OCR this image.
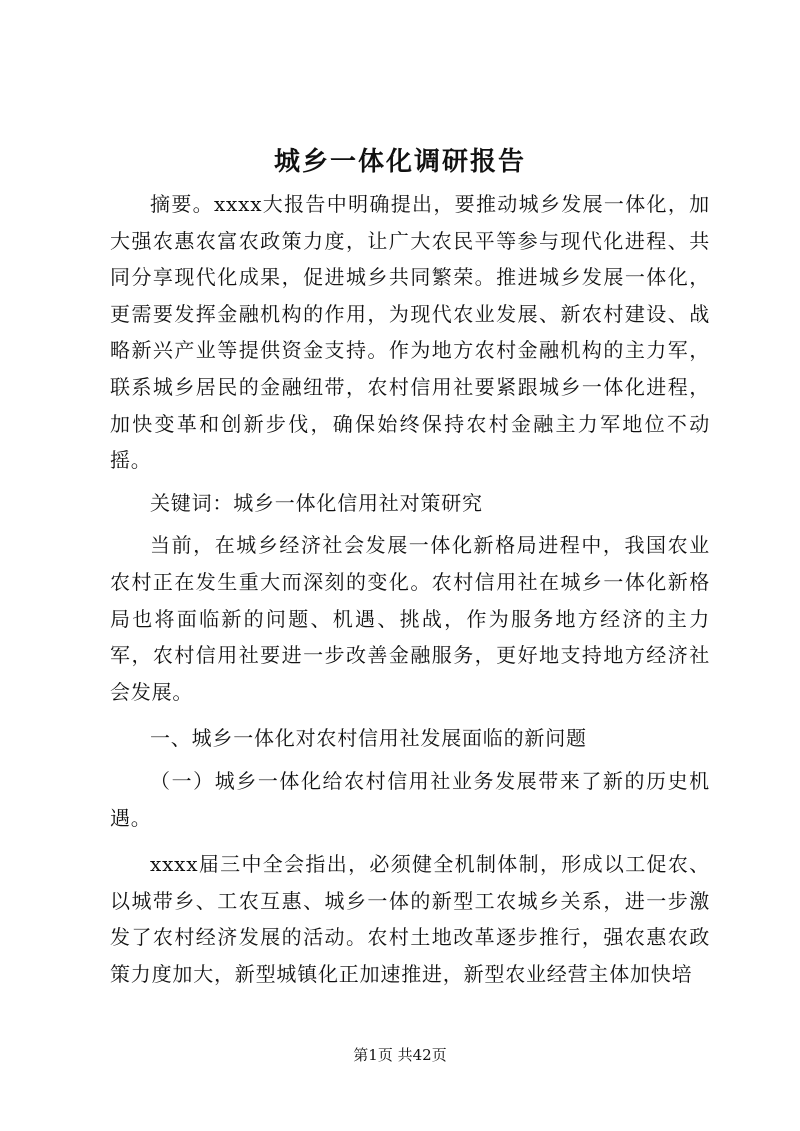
城乡一体化调研报告

摘要。xxxx大报告中明确提出，要推动城乡发展一体化，加大强农惠农富农政策力度，让广大农民平等参与现代化进程、共同分享现代化成果，促进城乡共同繁荣。推进城乡发展一体化，更需要发挥金融机构的作用，为现代农业发展、新农村建设、战略新兴产业等提供资金支持。作为地方农村金融机构的主力军，联系城乡居民的金融纽带，农村信用社要紧跟城乡一体化进程，加快变革和创新步伐，确保始终保持农村金融主力军地位不动摇。

关键词：城乡一体化信用社对策研究

当前，在城乡经济社会发展一体化新格局进程中，我国农业农村正在发生重大而深刻的变化。农村信用社在城乡一体化新格局也将面临新的问题、机遇、挑战，作为服务地方经济的主力军，农村信用社要进一步改善金融服务，更好地支持地方经济社会发展。

一、城乡一体化对农村信用社发展面临的新问题

（一）城乡一体化给农村信用社业务发展带来了新的历史机遇。

xxxx届三中全会指出，必须健全机制体制，形成以工促农、以城带乡、工农互惠、城乡一体的新型工农城乡关系，进一步激发了农村经济发展的活动。农村土地改革逐步推行，强农惠农政策力度加大，新型城镇化正加速推进，新型农业经营主体加快培

第1页 共42页
